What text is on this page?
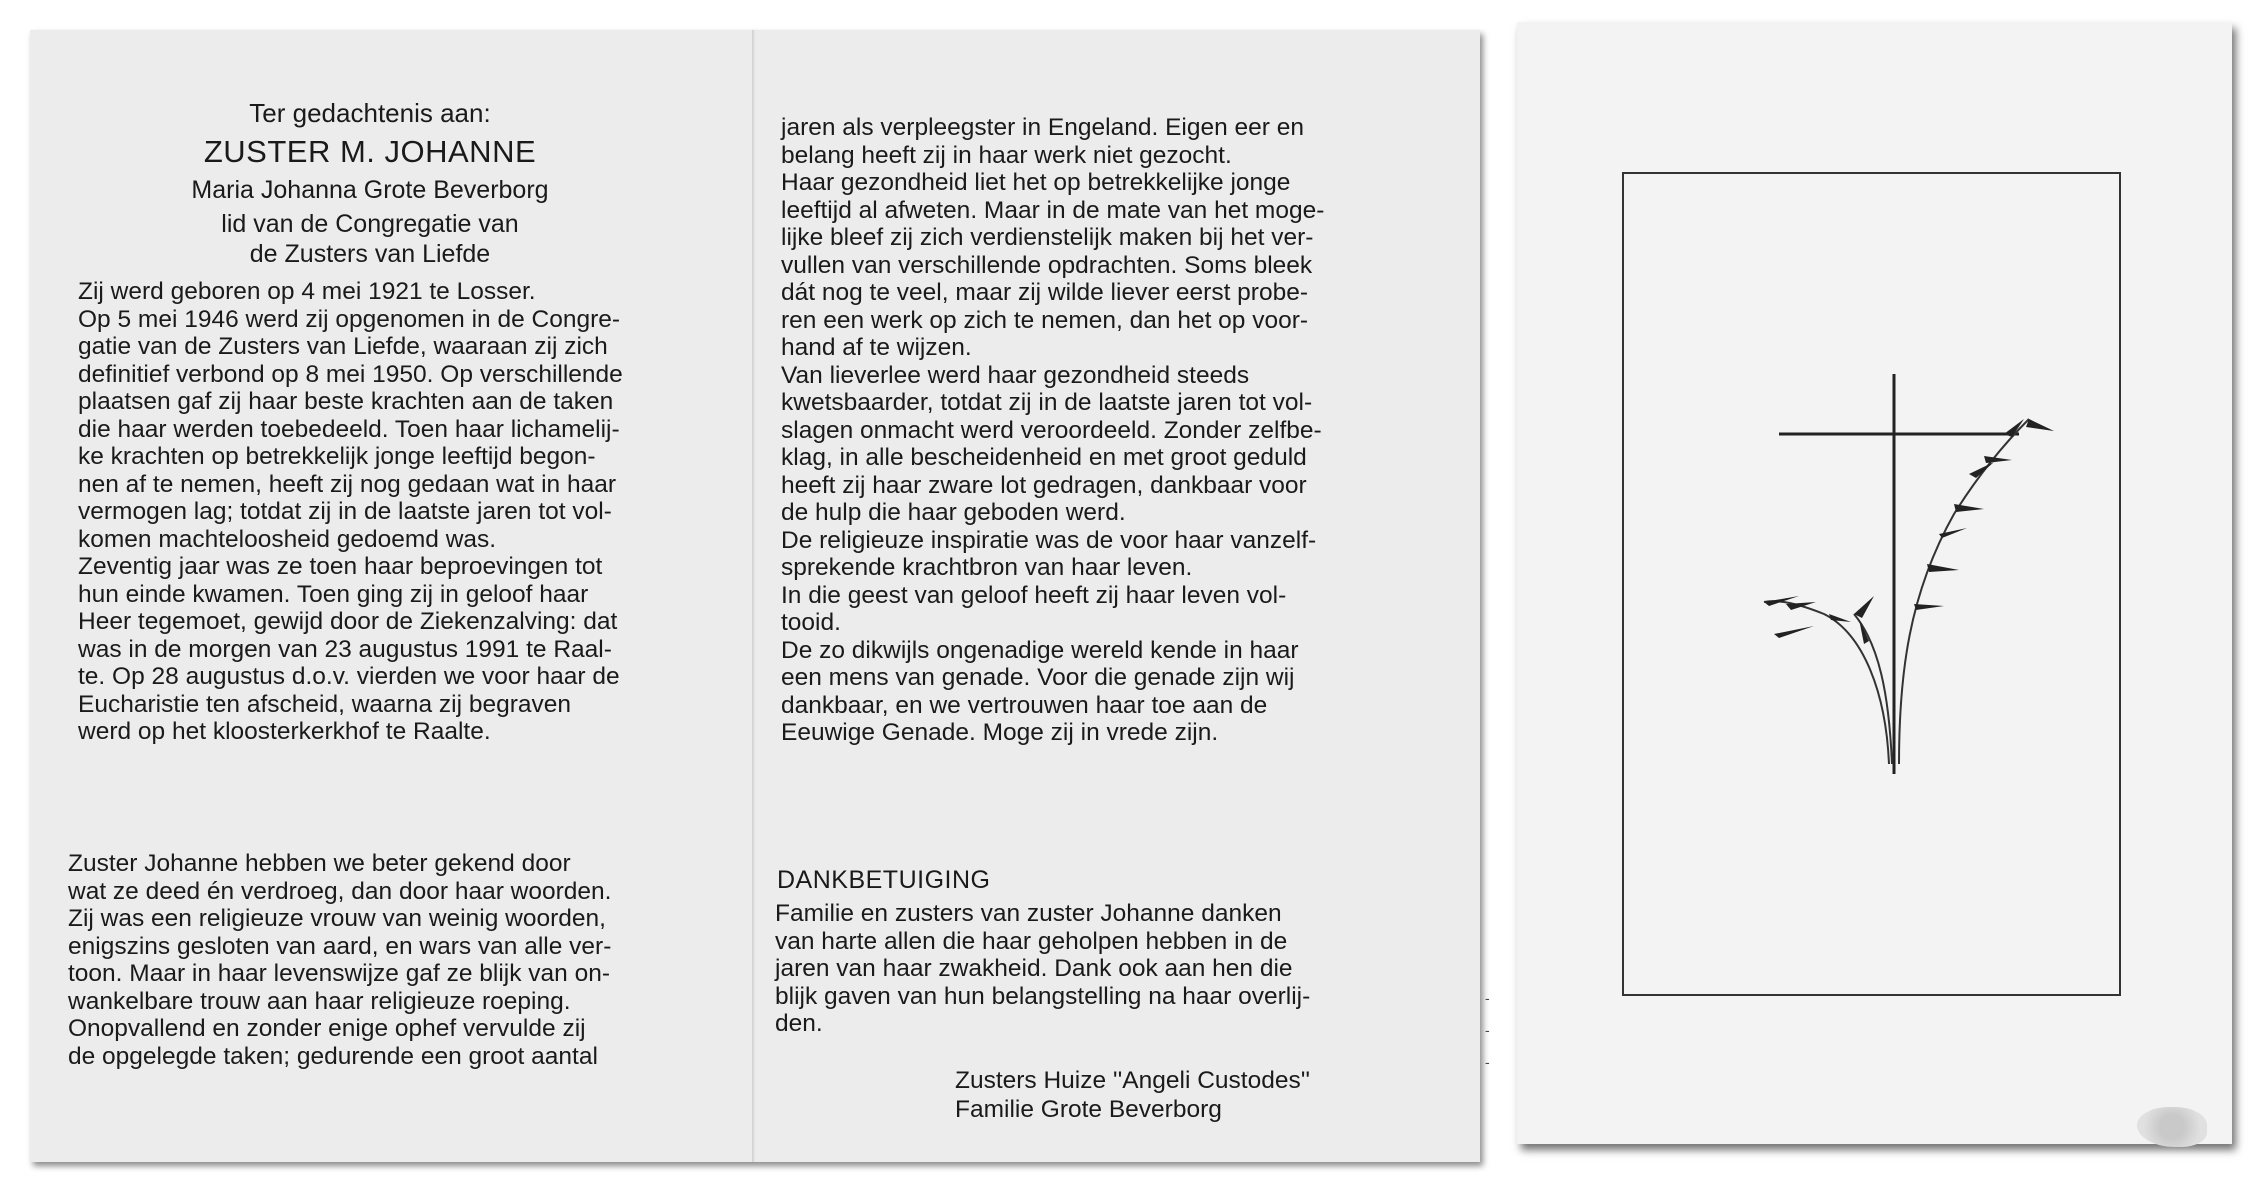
Ter gedachtenis aan:
ZUSTER M. JOHANNE
Maria Johanna Grote Beverborg
lid van de Congregatie van
de Zusters van Liefde
Zij werd geboren op 4 mei 1921 te Losser.
Op 5 mei 1946 werd zij opgenomen in de Congre-
gatie van de Zusters van Liefde, waaraan zij zich
definitief verbond op 8 mei 1950. Op verschillende
plaatsen gaf zij haar beste krachten aan de taken
die haar werden toebedeeld. Toen haar lichamelij-
ke krachten op betrekkelijk jonge leeftijd begon-
nen af te nemen, heeft zij nog gedaan wat in haar
vermogen lag; totdat zij in de laatste jaren tot vol-
komen machteloosheid gedoemd was.
Zeventig jaar was ze toen haar beproevingen tot
hun einde kwamen. Toen ging zij in geloof haar
Heer tegemoet, gewijd door de Ziekenzalving: dat
was in de morgen van 23 augustus 1991 te Raal-
te. Op 28 augustus d.o.v. vierden we voor haar de
Eucharistie ten afscheid, waarna zij begraven
werd op het kloosterkerkhof te Raalte.
Zuster Johanne hebben we beter gekend door
wat ze deed én verdroeg, dan door haar woorden.
Zij was een religieuze vrouw van weinig woorden,
enigszins gesloten van aard, en wars van alle ver-
toon. Maar in haar levenswijze gaf ze blijk van on-
wankelbare trouw aan haar religieuze roeping.
Onopvallend en zonder enige ophef vervulde zij
de opgelegde taken; gedurende een groot aantal
jaren als verpleegster in Engeland. Eigen eer en
belang heeft zij in haar werk niet gezocht.
Haar gezondheid liet het op betrekkelijke jonge
leeftijd al afweten. Maar in de mate van het moge-
lijke bleef zij zich verdienstelijk maken bij het ver-
vullen van verschillende opdrachten. Soms bleek
dát nog te veel, maar zij wilde liever eerst probe-
ren een werk op zich te nemen, dan het op voor-
hand af te wijzen.
Van lieverlee werd haar gezondheid steeds
kwetsbaarder, totdat zij in de laatste jaren tot vol-
slagen onmacht werd veroordeeld. Zonder zelfbe-
klag, in alle bescheidenheid en met groot geduld
heeft zij haar zware lot gedragen, dankbaar voor
de hulp die haar geboden werd.
De religieuze inspiratie was de voor haar vanzelf-
sprekende krachtbron van haar leven.
In die geest van geloof heeft zij haar leven vol-
tooid.
De zo dikwijls ongenadige wereld kende in haar
een mens van genade. Voor die genade zijn wij
dankbaar, en we vertrouwen haar toe aan de
Eeuwige Genade. Moge zij in vrede zijn.
DANKBETUIGING
Familie en zusters van zuster Johanne danken
van harte allen die haar geholpen hebben in de
jaren van haar zwakheid. Dank ook aan hen die
blijk gaven van hun belangstelling na haar overlij-
den.
Zusters Huize ''Angeli Custodes''
Familie Grote Beverborg
-

-

-
